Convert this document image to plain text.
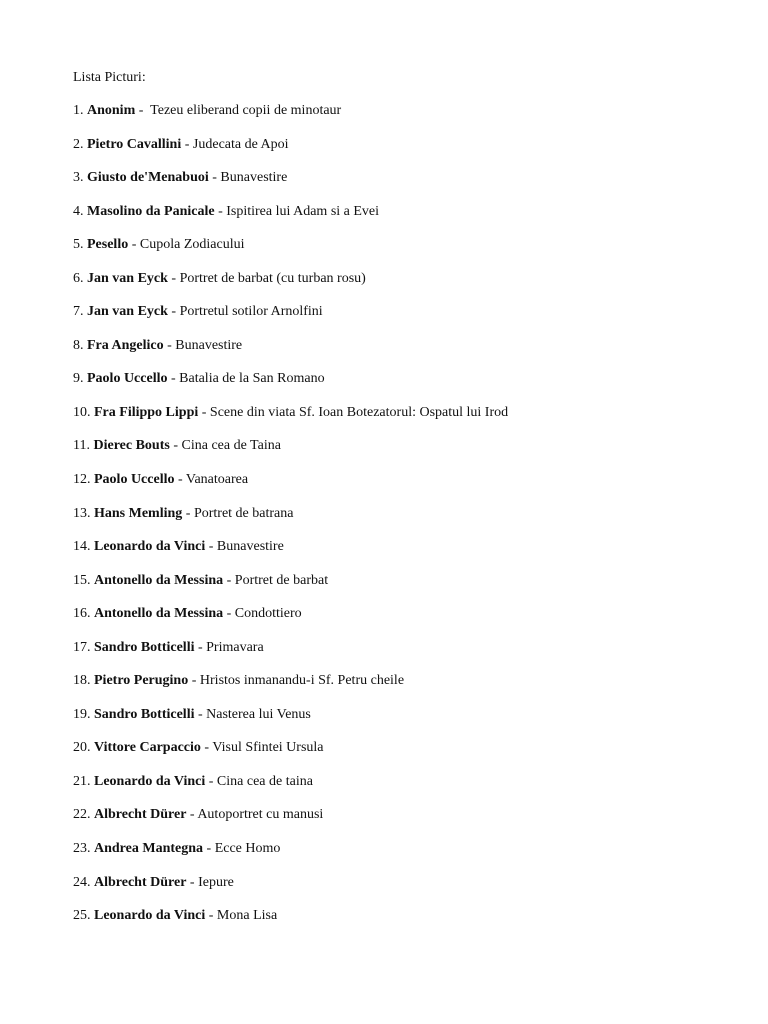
Lista Picturi:
1. Anonim -  Tezeu eliberand copii de minotaur
2. Pietro Cavallini - Judecata de Apoi
3. Giusto de'Menabuoi - Bunavestire
4. Masolino da Panicale - Ispitirea lui Adam si a Evei
5. Pesello - Cupola Zodiacului
6. Jan van Eyck - Portret de barbat (cu turban rosu)
7. Jan van Eyck - Portretul sotilor Arnolfini
8. Fra Angelico - Bunavestire
9. Paolo Uccello - Batalia de la San Romano
10. Fra Filippo Lippi - Scene din viata Sf. Ioan Botezatorul: Ospatul lui Irod
11. Dierec Bouts - Cina cea de Taina
12. Paolo Uccello - Vanatoarea
13. Hans Memling - Portret de batrana
14. Leonardo da Vinci - Bunavestire
15. Antonello da Messina - Portret de barbat
16. Antonello da Messina - Condottiero
17. Sandro Botticelli - Primavara
18. Pietro Perugino - Hristos inmanandu-i Sf. Petru cheile
19. Sandro Botticelli - Nasterea lui Venus
20. Vittore Carpaccio - Visul Sfintei Ursula
21. Leonardo da Vinci - Cina cea de taina
22. Albrecht Dürer - Autoportret cu manusi
23. Andrea Mantegna - Ecce Homo
24. Albrecht Dürer - Iepure
25. Leonardo da Vinci - Mona Lisa
